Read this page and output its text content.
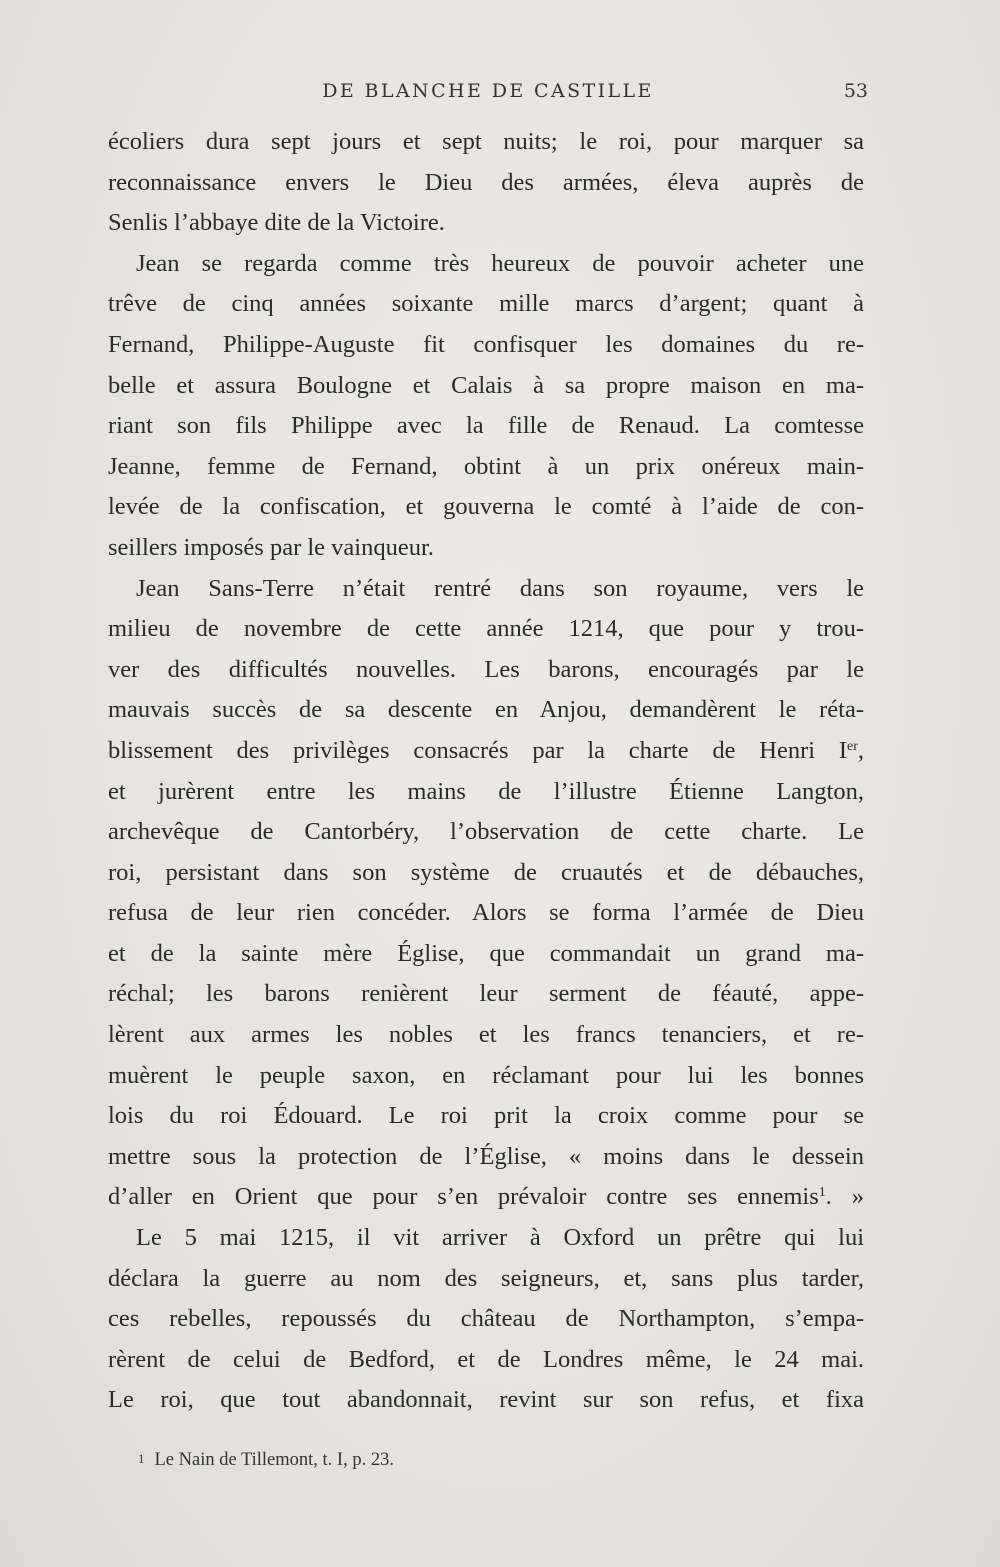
DE BLANCHE DE CASTILLE	53
écoliers dura sept jours et sept nuits; le roi, pour marquer sa
reconnaissance envers le Dieu des armées, éleva auprès de
Senlis l’abbaye dite de la Victoire.
Jean se regarda comme très heureux de pouvoir acheter une
trêve de cinq années soixante mille marcs d’argent; quant à
Fernand, Philippe-Auguste fit confisquer les domaines du re-
belle et assura Boulogne et Calais à sa propre maison en ma-
riant son fils Philippe avec la fille de Renaud. La comtesse
Jeanne, femme de Fernand, obtint à un prix onéreux main-
levée de la confiscation, et gouverna le comté à l’aide de con-
seillers imposés par le vainqueur.
Jean Sans-Terre n’était rentré dans son royaume, vers le
milieu de novembre de cette année 1214, que pour y trou-
ver des difficultés nouvelles. Les barons, encouragés par le
mauvais succès de sa descente en Anjou, demandèrent le réta-
blissement des privilèges consacrés par la charte de Henri Ier,
et jurèrent entre les mains de l’illustre Étienne Langton,
archevêque de Cantorbéry, l’observation de cette charte. Le
roi, persistant dans son système de cruautés et de débauches,
refusa de leur rien concéder. Alors se forma l’armée de Dieu
et de la sainte mère Église, que commandait un grand ma-
réchal; les barons renièrent leur serment de féauté, appe-
lèrent aux armes les nobles et les francs tenanciers, et re-
muèrent le peuple saxon, en réclamant pour lui les bonnes
lois du roi Édouard. Le roi prit la croix comme pour se
mettre sous la protection de l’Église, « moins dans le dessein
d’aller en Orient que pour s’en prévaloir contre ses ennemis$^1$. »
Le 5 mai 1215, il vit arriver à Oxford un prêtre qui lui
déclara la guerre au nom des seigneurs, et, sans plus tarder,
ces rebelles, repoussés du château de Northampton, s’empa-
rèrent de celui de Bedford, et de Londres même, le 24 mai.
Le roi, que tout abandonnait, revint sur son refus, et fixa
1 Le Nain de Tillemont, t. I, p. 23.
